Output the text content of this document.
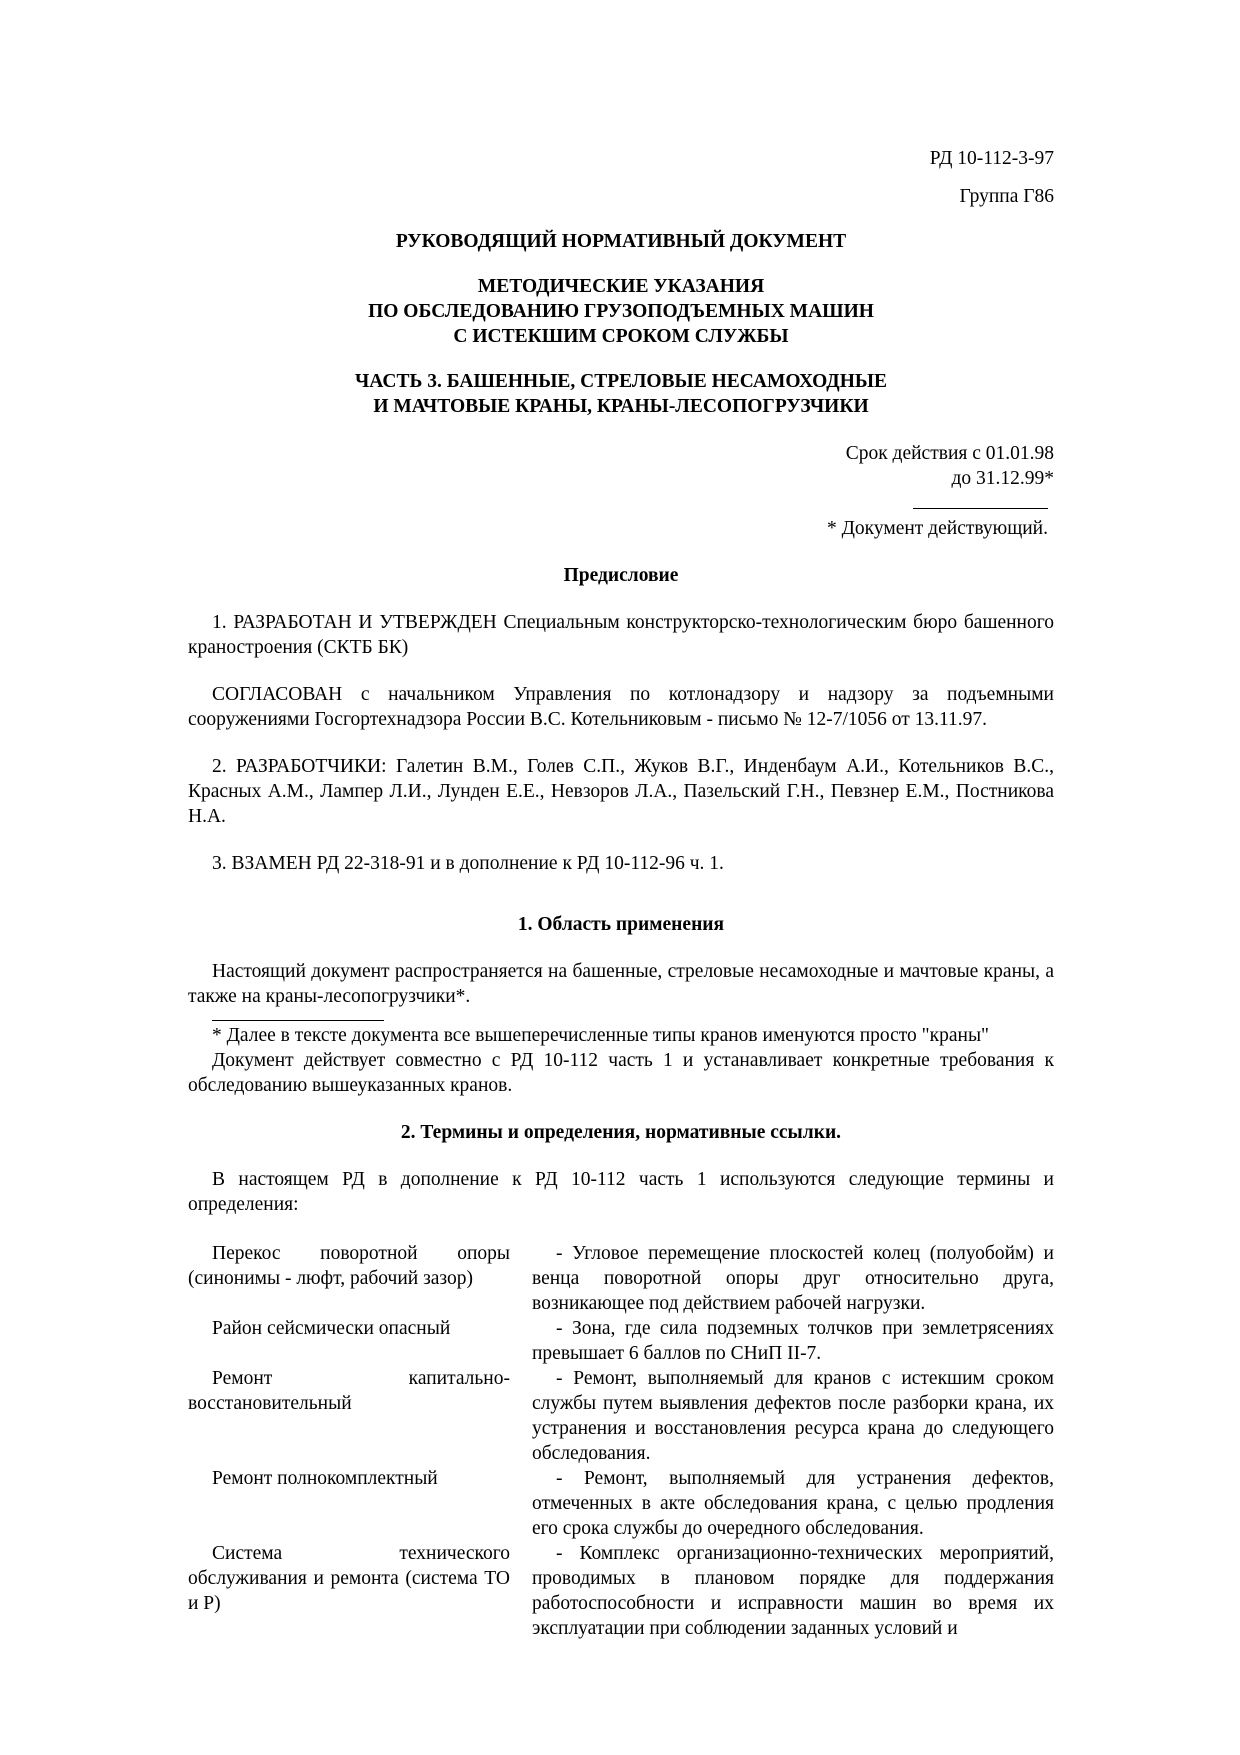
РД 10-112-3-97

Группа Г86

РУКОВОДЯЩИЙ НОРМАТИВНЫЙ ДОКУМЕНТ

МЕТОДИЧЕСКИЕ УКАЗАНИЯ
ПО ОБСЛЕДОВАНИЮ ГРУЗОПОДЪЕМНЫХ МАШИН
С ИСТЕКШИМ СРОКОМ СЛУЖБЫ
ЧАСТЬ 3. БАШЕННЫЕ, СТРЕЛОВЫЕ НЕСАМОХОДНЫЕ
И МАЧТОВЫЕ КРАНЫ, КРАНЫ-ЛЕСОПОГРУЗЧИКИ
Срок действия с 01.01.98
до 31.12.99*

* Документ действующий.

Предисловие

1. РАЗРАБОТАН И УТВЕРЖДЕН Специальным конструкторско-технологическим бюро башенного краностроения (СКТБ БК)

СОГЛАСОВАН с начальником Управления по котлонадзору и надзору за подъемными сооружениями Госгортехнадзора России В.С. Котельниковым - письмо № 12-7/1056 от 13.11.97.

2. РАЗРАБОТЧИКИ: Галетин В.М., Голев С.П., Жуков В.Г., Инденбаум А.И., Котельников В.С., Красных А.М., Лампер Л.И., Лунден Е.Е., Невзоров Л.А., Пазельский Г.Н., Певзнер Е.М., Постникова Н.А.

3. ВЗАМЕН РД 22-318-91 и в дополнение к РД 10-112-96 ч. 1.

1. Область применения

Настоящий документ распространяется на башенные, стреловые несамоходные и мачтовые краны, а также на краны-лесопогрузчики*.

* Далее в тексте документа все вышеперечисленные типы кранов именуются просто "краны"

Документ действует совместно с РД 10-112 часть 1 и устанавливает конкретные требования к обследованию вышеуказанных кранов.

2. Термины и определения, нормативные ссылки.

В настоящем РД в дополнение к РД 10-112 часть 1 используются следующие термины и определения:

Перекос поворотной опоры (синонимы - люфт, рабочий зазор)	- Угловое перемещение плоскостей колец (полуобойм) и венца поворотной опоры друг относительно друга, возникающее под действием рабочей нагрузки.

Район сейсмически опасный	- Зона, где сила подземных толчков при землетрясениях превышает 6 баллов по СНиП II-7.

Ремонт капитально-восстановительный	- Ремонт, выполняемый для кранов с истекшим сроком службы путем выявления дефектов после разборки крана, их устранения и восстановления ресурса крана до следующего обследования.

Ремонт полнокомплектный	- Ремонт, выполняемый для устранения дефектов, отмеченных в акте обследования крана, с целью продления его срока службы до очередного обследования.

Система технического обслуживания и ремонта (система ТО и Р)	- Комплекс организационно-технических мероприятий, проводимых в плановом порядке для поддержания работоспособности и исправности машин во время их эксплуатации при соблюдении заданных условий и
